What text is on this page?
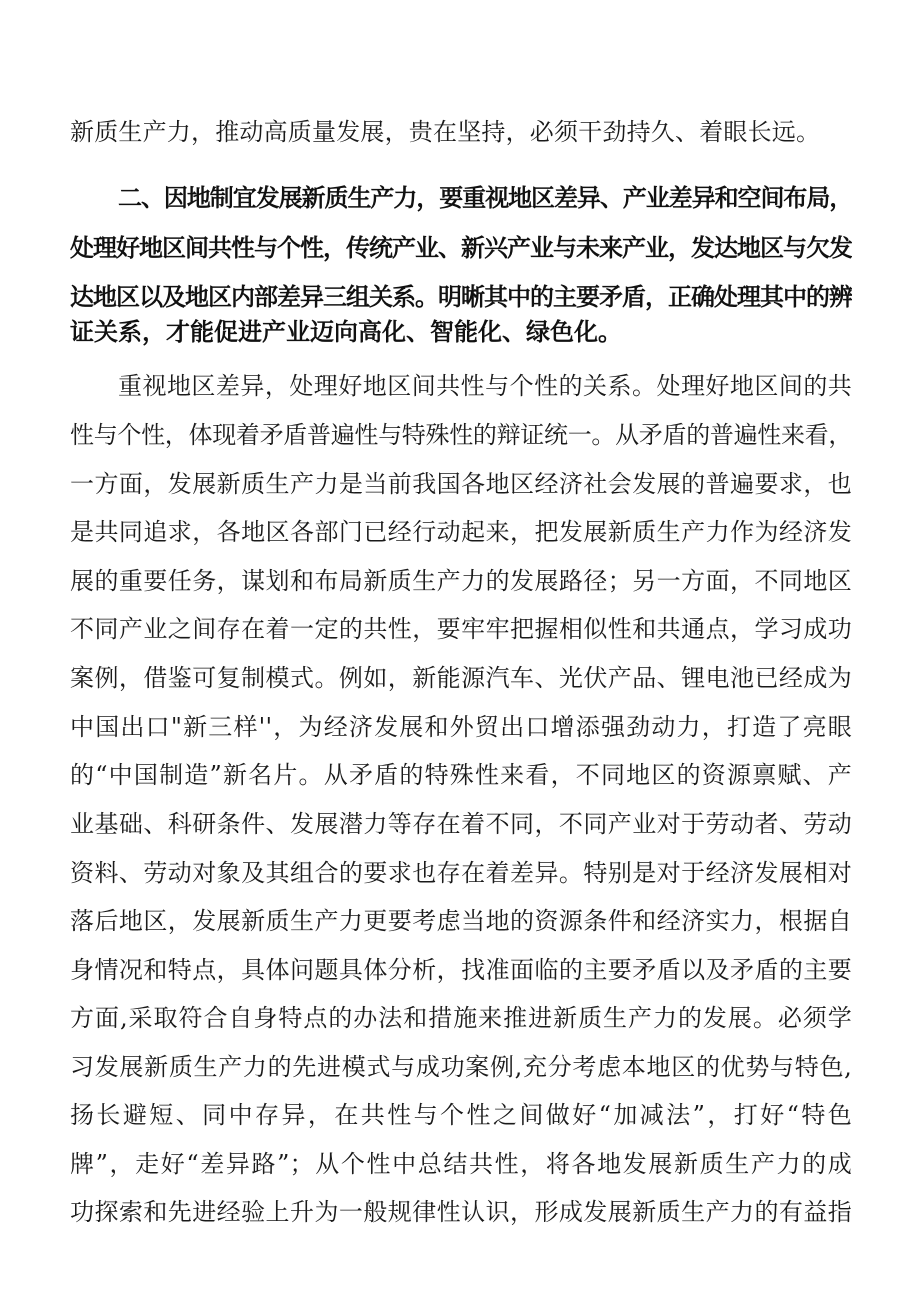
新质生产力，推动高质量发展，贵在坚持，必须干劲持久、着眼长远。
二、因地制宜发展新质生产力，要重视地区差异、产业差异和空间布局，
处理好地区间共性与个性，传统产业、新兴产业与未来产业，发达地区与欠发
达地区以及地区内部差异三组关系。明晰其中的主要矛盾，正确处理其中的辨
证关系，才能促进产业迈向高化、智能化、绿色化。
重视地区差异，处理好地区间共性与个性的关系。处理好地区间的共
性与个性，体现着矛盾普遍性与特殊性的辩证统一。从矛盾的普遍性来看，
一方面，发展新质生产力是当前我国各地区经济社会发展的普遍要求，也
是共同追求，各地区各部门已经行动起来，把发展新质生产力作为经济发
展的重要任务，谋划和布局新质生产力的发展路径；另一方面，不同地区
不同产业之间存在着一定的共性，要牢牢把握相似性和共通点，学习成功
案例，借鉴可复制模式。例如，新能源汽车、光伏产品、锂电池已经成为
中国出口"新三样''，为经济发展和外贸出口增添强劲动力，打造了亮眼
的“中国制造”新名片。从矛盾的特殊性来看，不同地区的资源禀赋、产
业基础、科研条件、发展潜力等存在着不同，不同产业对于劳动者、劳动
资料、劳动对象及其组合的要求也存在着差异。特别是对于经济发展相对
落后地区，发展新质生产力更要考虑当地的资源条件和经济实力，根据自
身情况和特点，具体问题具体分析，找准面临的主要矛盾以及矛盾的主要
方面,采取符合自身特点的办法和措施来推进新质生产力的发展。必须学
习发展新质生产力的先进模式与成功案例,充分考虑本地区的优势与特色,
扬长避短、同中存异，在共性与个性之间做好“加减法”，打好“特色
牌”，走好“差异路”；从个性中总结共性，将各地发展新质生产力的成
功探索和先进经验上升为一般规律性认识，形成发展新质生产力的有益指
